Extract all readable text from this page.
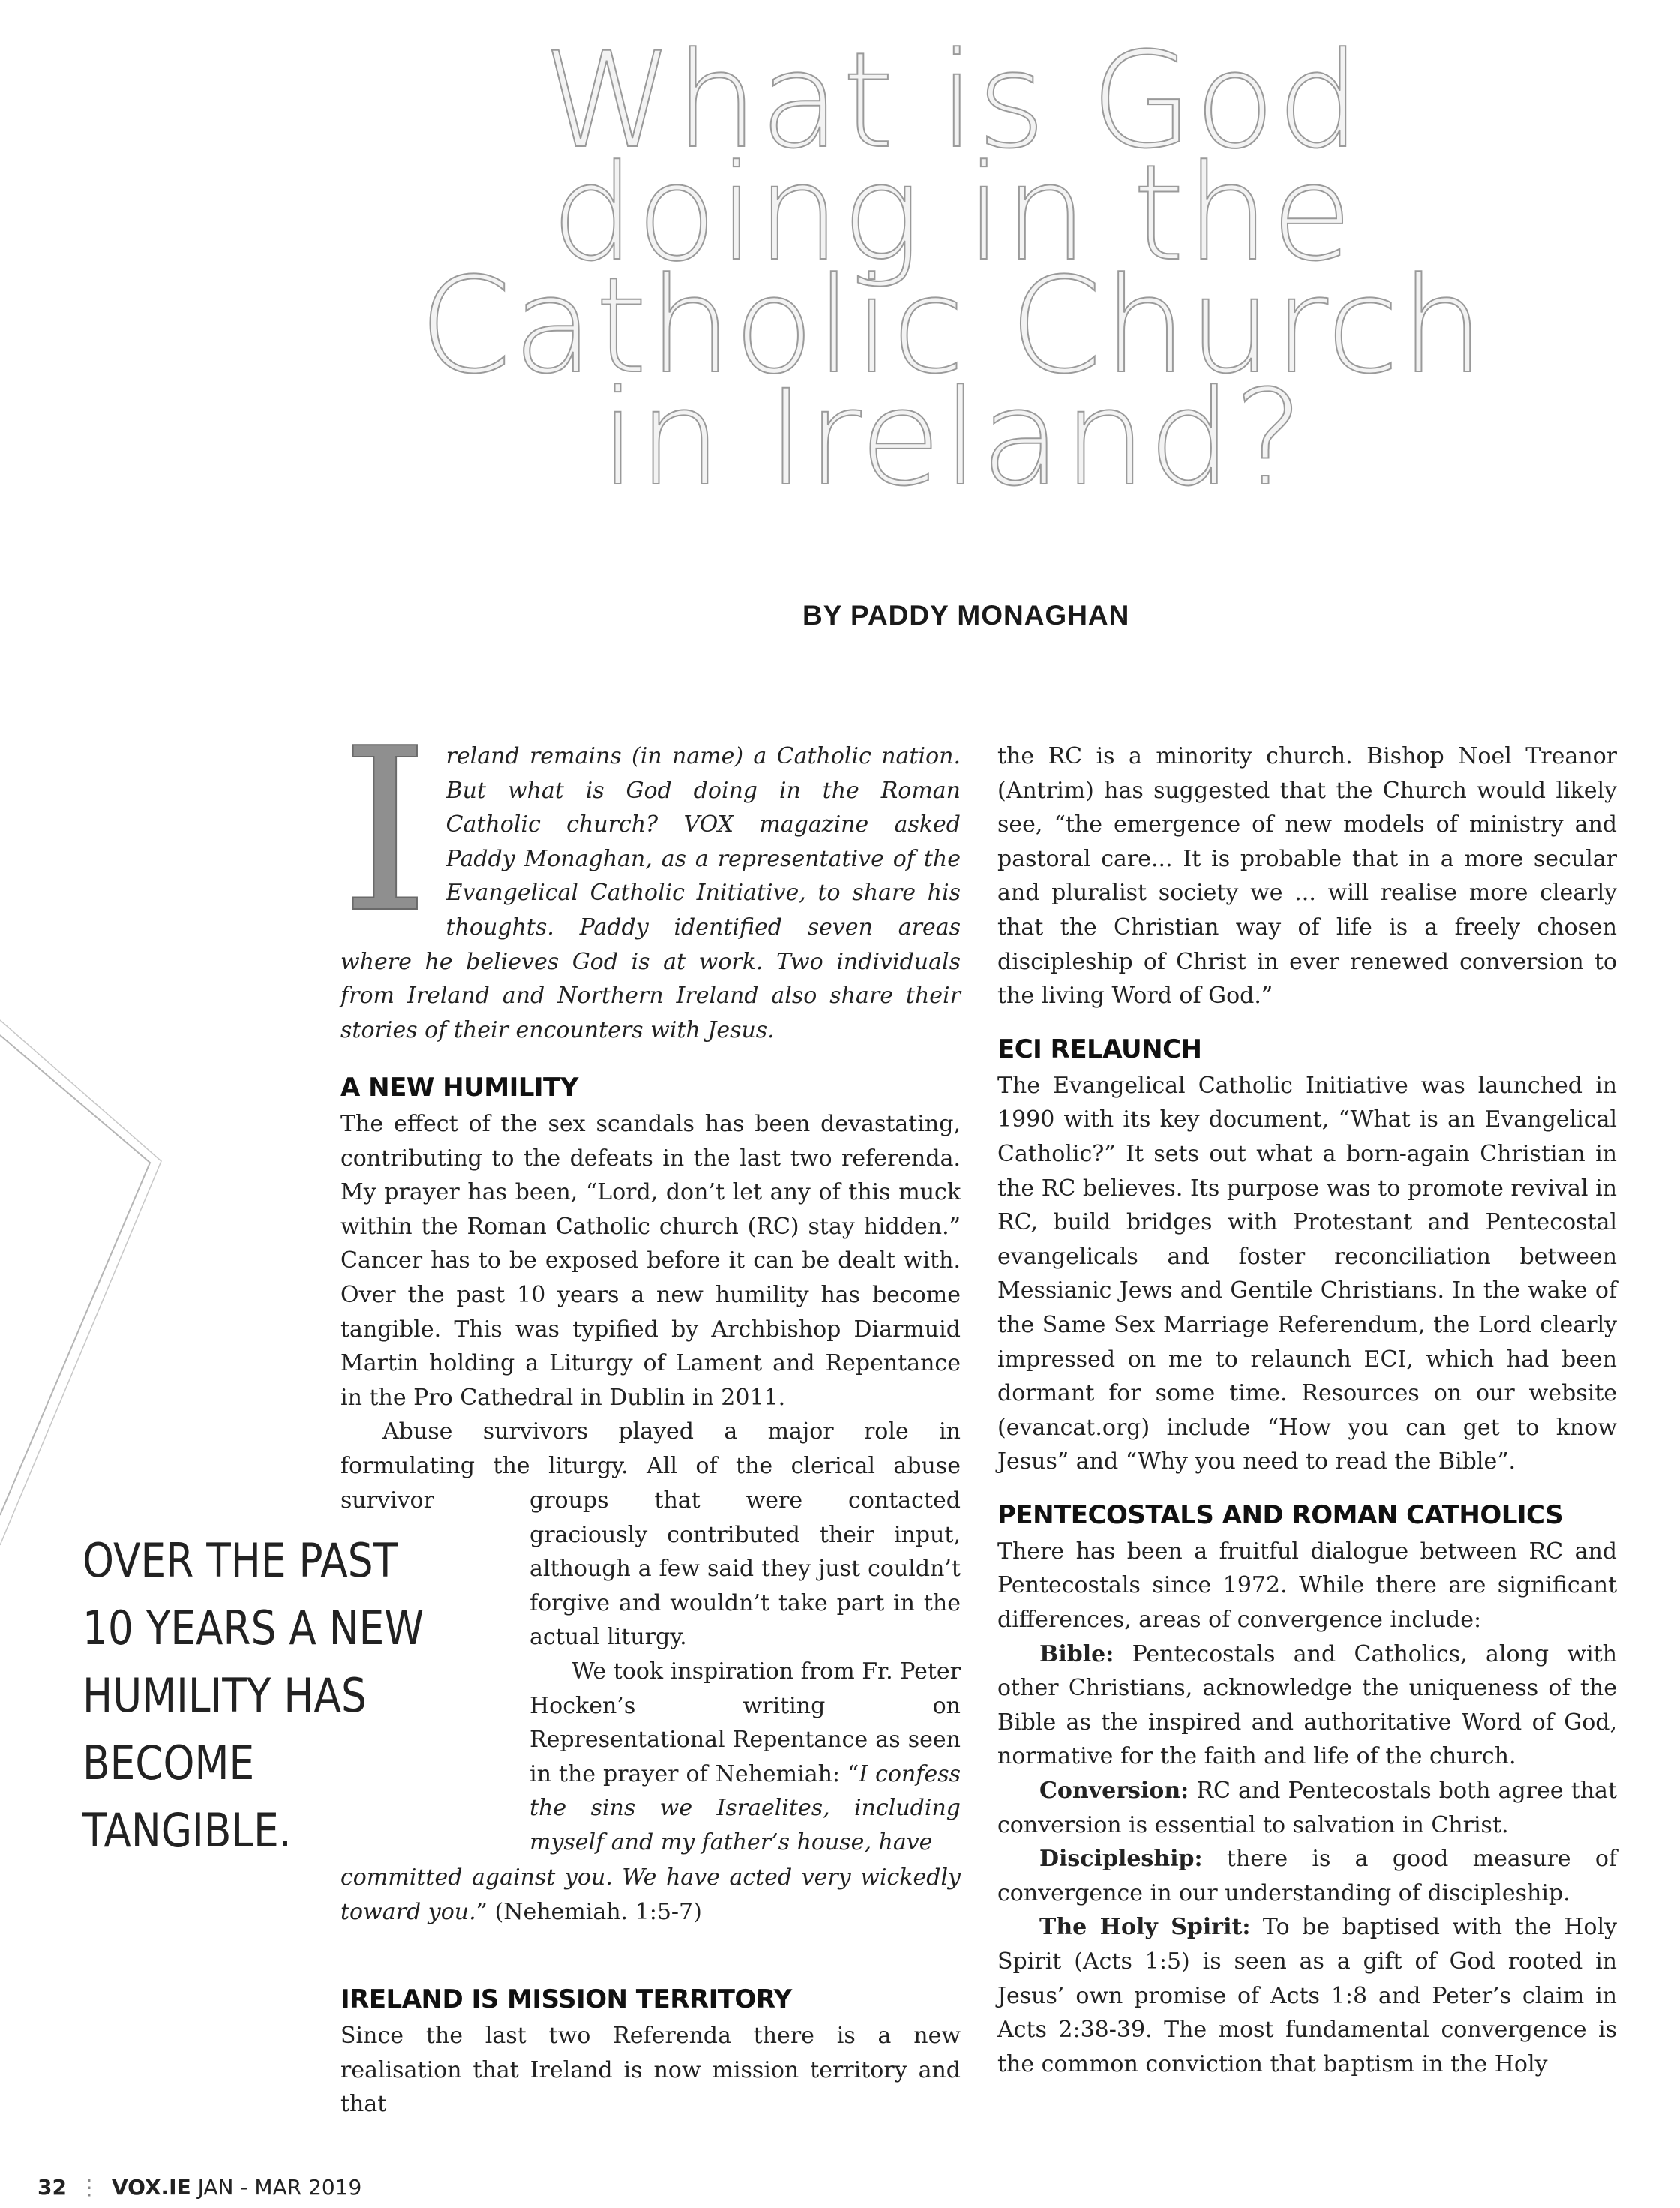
What is God
doing in the
Catholic Church
in Ireland?
BY PADDY MONAGHAN

Ireland remains (in name) a Catholic nation. But what is God doing in the Roman Catholic church? VOX magazine asked Paddy Monaghan, as a representative of the Evangelical Catholic Initiative, to share his thoughts. Paddy identified seven areas where he believes God is at work. Two individuals from Ireland and Northern Ireland also share their stories of their encounters with Jesus.

A NEW HUMILITY

The effect of the sex scandals has been devastating, contributing to the defeats in the last two referenda. My prayer has been, “Lord, don’t let any of this muck within the Roman Catholic church (RC) stay hidden.” Cancer has to be exposed before it can be dealt with. Over the past 10 years a new humility has become tangible. This was typified by Archbishop Diarmuid Martin holding a Liturgy of Lament and Repentance in the Pro Cathedral in Dublin in 2011.

Abuse survivors played a major role in formulating the liturgy. All of the clerical abuse survivor	groups that were contacted graciously contributed their input, although a few said they just couldn’t forgive and wouldn’t take part in the actual liturgy.

We took inspiration from Fr. Peter Hocken’s writing on Representational Repentance as seen in the prayer of Nehemiah: “I confess the sins we Israelites, including myself and my father’s house, have

committed against you. We have acted very wickedly toward you.” (Nehemiah. 1:5-7)

OVER THE PAST 10 YEARS A NEW HUMILITY HAS BECOME TANGIBLE.
IRELAND IS MISSION TERRITORY

Since the last two Referenda there is a new realisation that Ireland is now mission territory and that

the RC is a minority church. Bishop Noel Treanor (Antrim) has suggested that the Church would likely see, “the emergence of new models of ministry and pastoral care... It is probable that in a more secular and pluralist society we ... will realise more clearly that the Christian way of life is a freely chosen discipleship of Christ in ever renewed conversion to the living Word of God.”

ECI RELAUNCH

The Evangelical Catholic Initiative was launched in 1990 with its key document, “What is an Evangelical Catholic?” It sets out what a born-again Christian in the RC believes. Its purpose was to promote revival in RC, build bridges with Protestant and Pentecostal evangelicals and foster reconciliation between Messianic Jews and Gentile Christians. In the wake of the Same Sex Marriage Referendum, the Lord clearly impressed on me to relaunch ECI, which had been dormant for some time. Resources on our website (evancat.org) include “How you can get to know Jesus” and “Why you need to read the Bible”.

PENTECOSTALS AND ROMAN CATHOLICS

There has been a fruitful dialogue between RC and Pentecostals since 1972. While there are significant differences, areas of convergence include:

Bible: Pentecostals and Catholics, along with other Christians, acknowledge the uniqueness of the Bible as the inspired and authoritative Word of God, normative for the faith and life of the church.

Conversion: RC and Pentecostals both agree that conversion is essential to salvation in Christ.

Discipleship: there is a good measure of convergence in our understanding of discipleship.

The Holy Spirit: To be baptised with the Holy Spirit (Acts 1:5) is seen as a gift of God rooted in Jesus’ own promise of Acts 1:8 and Peter’s claim in Acts 2:38-39. The most fundamental convergence is the common conviction that baptism in the Holy

32 ⋮ VOX.IE JAN - MAR 2019
